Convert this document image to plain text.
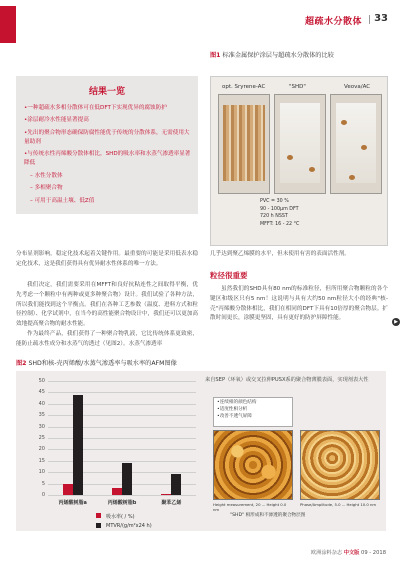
超疏水分散体 33
图1 标准金属保护涂层与超疏水分散体的比较
结果一览
•一种超疏水多相分散体可在低DFT下实现优异的腐蚀防护
•涂层耐冷水性能显著提高
•先出的聚合物形态确保防腐性能优于传统的分散体系，无需使用大量助剂
•与传统水性丙烯酸分散体相比，SHD的吸水率和水蒸气渗透率显著降低
– 水性分散体
– 多相聚合物
– 可用于高温土壤、低Z值
opt. Sryrene-AC	"SHD"	Veova/AC
PVC = 30 %
90 - 100μm DFT
720 h NSST
MFFT: 16 - 22 °C
分布显剂影响，稳定化技术起着关键作用。最重要的可能是采用低表水稳定化技术，这是我们获得具有优异耐水性体系的唯一方法。
我们决定，我们需要采用在MFFT和良好抗粘连性之间取得平衡，优先考虑一个颗粒中有两种或更多种聚合物）设计。我们试验了各种方法，所以我们能找到这个平衡点。我们在各种工艺参数（温度、进料方式和粒径控制）、化学试剂中，在当今的高性能聚合物设计中，我们还可以更加高效地提高聚合物的耐水性能。
作为最终产品，我们获得了一种聚合物乳液，它比传统体系更致密，能防止疏水性成分和水蒸气的透过（见图2）。水蒸气渗透率
几乎达到聚乙烯膜的水平，但未使用有害的表面活性剂。
粒径很重要
虽然我们的SHD具有80 nm的标准粒径，但所用聚合物颗粒的各个键区和级区只有5 nm！这说明与具有大约50 nm粒径大小的经典"核-壳"丙烯酸分散体相比，我们在相同的DFT下具有10倍厚的聚合物层。扩散时间更长，涂膜更坚固，具有更好的防护屏障性能。
▶
图2 SHD和核-壳丙烯酸/水蒸气渗透率与吸水率的AFM图像
0
5
10
15
20
25
30
35
40
45
50
丙烯酸树脂a	丙烯酸树脂b	聚苯乙烯
吸水率( / %)
MTVR/(g/m²x24 h)
来自SEP（环氧）或交叉拉伸PUSX系的聚合物薄膜表面，实现剂表大性
•连续相的颜色结构
•适度性相分析
•改善不透气屏障
Height measurement, 20 ... Height 0.0 nm
Phase/Amplitude, 5.0 ... Height 10.0 nm
"SHD" 相形成和不渗透的聚合物层图
欧洲涂料杂志 中文版 09 - 2018
